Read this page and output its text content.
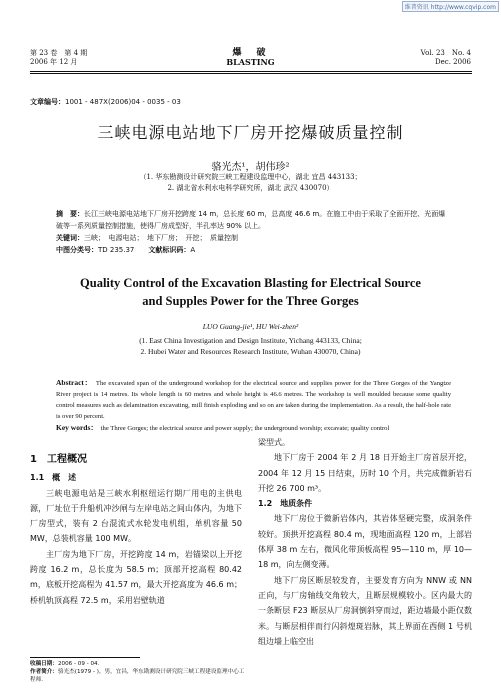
维普资讯 http://www.cqvip.com
第 23 卷　第 4 期
2006 年 12 月
爆　破
BLASTING
Vol. 23　No. 4
Dec. 2006
文章编号：1001 - 487X(2006)04 - 0035 - 03
三峡电源电站地下厂房开挖爆破质量控制
骆光杰¹，胡伟珍²
（1. 华东勘测设计研究院三峡工程建设监理中心，湖北 宜昌 443133；
2. 湖北省水利水电科学研究所，湖北 武汉 430070）
摘　要：长江三峡电源电站地下厂房开挖跨度 14 m，总长度 60 m，总高度 46.6 m。在施工中由于采取了全面开挖、光面爆破等一系列质量控制措施，使得厂房成型好，半孔率达 90% 以上。
关键词：三峡；　电源电站；　地下厂房；　开挖；　质量控制
中图分类号：TD 235.37　　 文献标识码：A
Quality Control of the Excavation Blasting for Electrical Source
and Supples Power for the Three Gorges
LUO Guang-jie¹, HU Wei-zhen²
(1. East China Investigation and Design Institute, Yichang 443133, China;
2. Hubei Water and Resources Research Institute, Wuhan 430070, China)
Abstract：　 The excavated span of the underground workshop for the electrical source and supplies power for the Three Gorges of the Yangtze River project is 14 metres. Its whole length is 60 metres and whole height is 46.6 metres. The workshop is well moulded because some quality control measures such as delamination excavating, mill finish exploding and so on are taken during the implementation. As a result, the half-hole rate is over 90 percent.
Key words：　 the Three Gorges; the electrical source and power supply; the underground worship; excavate; quality control
1　工程概况
1.1　概　述

三峡电源电站是三峡水利枢纽运行期厂用电的主供电源，厂址位于升船机冲沙闸与左岸电站之间山体内，为地下厂房型式，装有 2 台混流式水轮发电机组，单机容量 50 MW，总装机容量 100 MW。

主厂房为地下厂房，开挖跨度 14 m，岩锚梁以上开挖跨度 16.2 m，总长度为 58.5 m；顶部开挖高程 80.42 m，底板开挖高程为 41.57 m，最大开挖高度为 46.6 m；桥机轨顶高程 72.5 m，采用岩壁轨道

梁型式。

地下厂房于 2004 年 2 月 18 日开始主厂房首层开挖，2004 年 12 月 15 日结束，历时 10 个月，共完成微新岩石开挖 26 700 m³。

1.2　地质条件

地下厂房位于微新岩体内，其岩体坚硬完整，成洞条件较好。顶拱开挖高程 80.4 m，现地面高程 120 m，上部岩体厚 38 m 左右，微风化带顶板高程 95—110 m，厚 10—18 m，向左侧变薄。

地下厂房区断层较发育，主要发育方向为 NNW 或 NN 正向，与厂房轴线交角较大，且断层规模较小。区内最大的一条断层 F23 断层从厂房洞倒斜穿而过，距边墙最小距仅数米。与断层相伴而行闪斜煌斑岩脉，其上界面在西侧 1 号机组边墙上临空出

收稿日期：2006 - 09 - 04.
作者简介：骆光杰(1979 - )，男，宜昌，华东勘测设计研究院三峡工程建设监理中心工程师.
